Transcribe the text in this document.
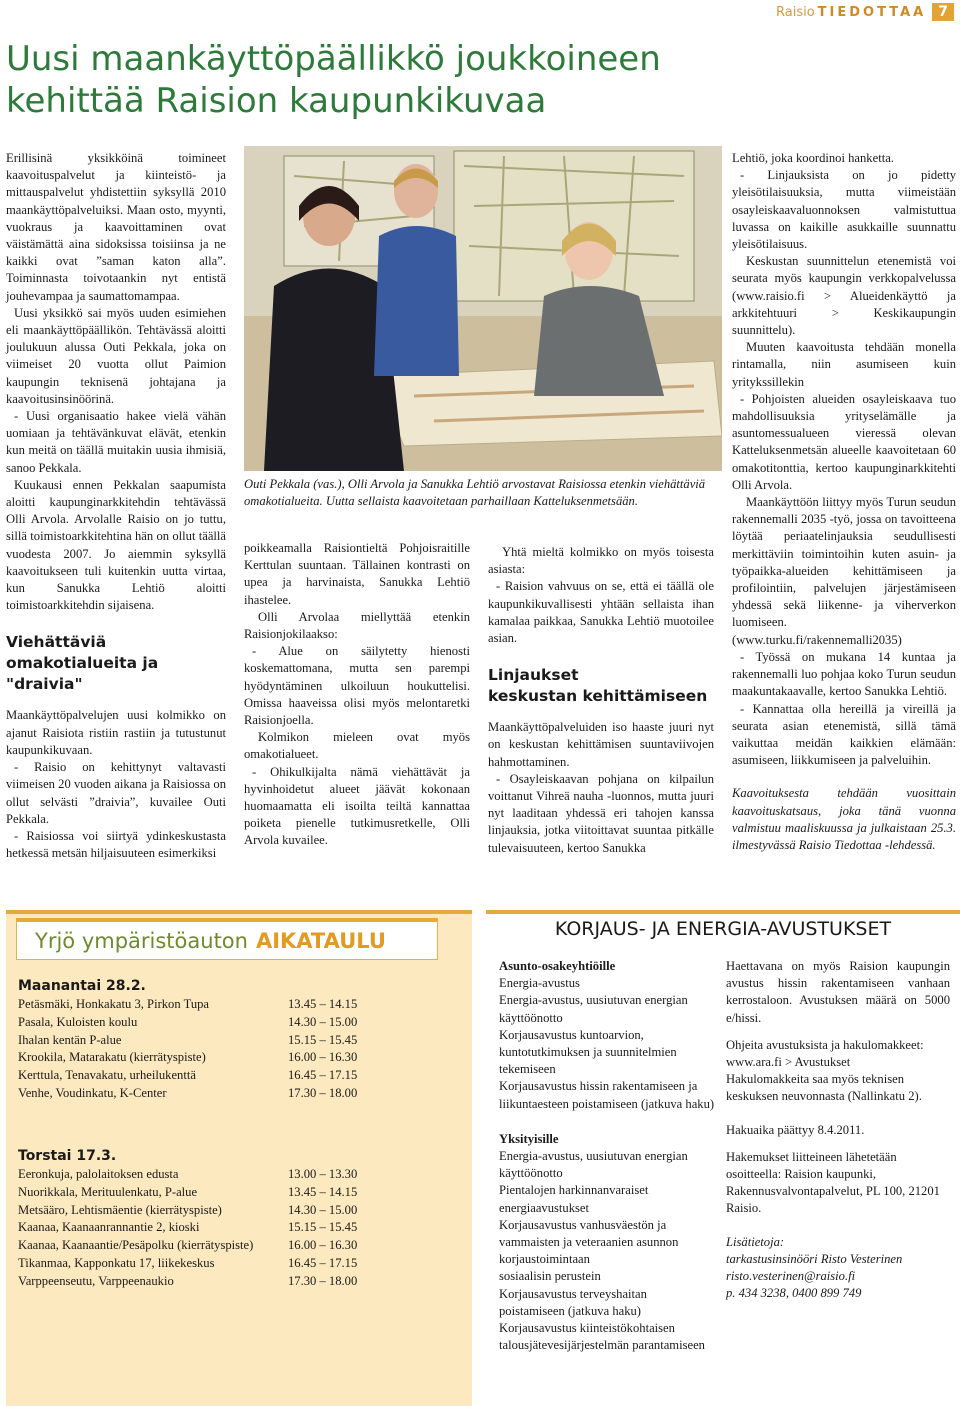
Raisio TIEDOTTAA 7
Uusi maankäyttöpäällikkö joukkoineen
kehittää Raision kaupunkikuvaa

Erillisinä yksikköinä toimineet kaavoituspalvelut ja kiinteistö- ja mittauspalvelut yhdistettiin syksyllä 2010 maankäyttöpalveluiksi. Maan osto, myynti, vuokraus ja kaavoittaminen ovat väistämättä aina sidoksissa toisiinsa ja ne kaikki ovat ”saman katon alla”. Toiminnasta toivotaankin nyt entistä jouhevampaa ja saumattomampaa.

Uusi yksikkö sai myös uuden esimiehen eli maankäyttöpäällikön. Tehtävässä aloitti joulukuun alussa Outi Pekkala, joka on viimeiset 20 vuotta ollut Paimion kaupungin teknisenä johtajana ja kaavoitusinsinöörinä.

- Uusi organisaatio hakee vielä vähän uomiaan ja tehtävänkuvat elävät, etenkin kun meitä on täällä muitakin uusia ihmisiä, sanoo Pekkala.

Kuukausi ennen Pekkalan saapumista aloitti kaupunginarkkitehdin tehtävässä Olli Arvola. Arvolalle Raisio on jo tuttu, sillä toimistoarkkitehtina hän on ollut täällä vuodesta 2007. Jo aiemmin syksyllä kaavoitukseen tuli kuitenkin uutta virtaa, kun Sanukka Lehtiö aloitti toimistoarkkitehdin sijaisena.

Viehättäviä
omakotialueita ja "draivia"

Maankäyttöpalvelujen uusi kolmikko on ajanut Raisiota ristiin rastiin ja tutustunut kaupunkikuvaan.

- Raisio on kehittynyt valtavasti viimeisen 20 vuoden aikana ja Raisiossa on ollut selvästi ”draivia”, kuvailee Outi Pekkala.

- Raisiossa voi siirtyä ydinkeskustasta hetkessä metsän hiljaisuuteen esimerkiksi

Outi Pekkala (vas.), Olli Arvola ja Sanukka Lehtiö arvostavat Raisiossa etenkin viehättäviä omakotialueita. Uutta sellaista kaavoitetaan parhaillaan Katteluksenmetsään.

poikkeamalla Raisiontieltä Pohjoisraitille Kerttulan suuntaan. Tällainen kontrasti on upea ja harvinaista, Sanukka Lehtiö ihastelee.

Olli Arvolaa miellyttää etenkin Raisionjokilaakso:

- Alue on säilytetty hienosti koskemattomana, mutta sen parempi hyödyntäminen ulkoiluun houkuttelisi. Omissa haaveissa olisi myös melontaretki Raisionjoella.

Kolmikon mieleen ovat myös omakotialueet.

- Ohikulkijalta nämä viehättävät ja hyvinhoidetut alueet jäävät kokonaan huomaamatta eli isoilta teiltä kannattaa poiketa pienelle tutkimusretkelle, Olli Arvola kuvailee.

Yhtä mieltä kolmikko on myös toisesta asiasta:

- Raision vahvuus on se, että ei täällä ole kaupunkikuvallisesti yhtään sellaista ihan kamalaa paikkaa, Sanukka Lehtiö muotoilee asian.

Linjaukset
keskustan kehittämiseen

Maankäyttöpalveluiden iso haaste juuri nyt on keskustan kehittämisen suuntaviivojen hahmottaminen.

- Osayleiskaavan pohjana on kilpailun voittanut Vihreä nauha -luonnos, mutta juuri nyt laaditaan yhdessä eri tahojen kanssa linjauksia, jotka viitoittavat suuntaa pitkälle tulevaisuuteen, kertoo Sanukka

Lehtiö, joka koordinoi hanketta.

- Linjauksista on jo pidetty yleisötilaisuuksia, mutta viimeistään osayleiskaavaluonnoksen valmistuttua luvassa on kaikille asukkaille suunnattu yleisötilaisuus.

Keskustan suunnittelun etenemistä voi seurata myös kaupungin verkkopalvelussa (www.raisio.fi > Alueidenkäyttö ja arkkitehtuuri > Keskikaupungin suunnittelu).

Muuten kaavoitusta tehdään monella rintamalla, niin asumiseen kuin yritykssillekin

- Pohjoisten alueiden osayleiskaava tuo mahdollisuuksia yrityselämälle ja asuntomessualueen vieressä olevan Katteluksenmetsän alueelle kaavoitetaan 60 omakotitonttia, kertoo kaupunginarkkitehti Olli Arvola.

Maankäyttöön liittyy myös Turun seudun rakennemalli 2035 -työ, jossa on tavoitteena löytää periaatelinjauksia seudullisesti merkittäviin toimintoihin kuten asuin- ja työpaikka-alueiden kehittämiseen ja profilointiin, palvelujen järjestämiseen yhdessä sekä liikenne- ja viherverkon luomiseen. (www.turku.fi/rakennemalli2035)

- Työssä on mukana 14 kuntaa ja rakennemalli luo pohjaa koko Turun seudun maakuntakaavalle, kertoo Sanukka Lehtiö.

- Kannattaa olla hereillä ja vireillä ja seurata asian etenemistä, sillä tämä vaikuttaa meidän kaikkien elämään: asumiseen, liikkumiseen ja palveluihin.

Kaavoituksesta tehdään vuosittain kaavoituskatsaus, joka tänä vuonna valmistuu maaliskuussa ja julkaistaan 25.3. ilmestyvässä Raisio Tiedottaa -lehdessä.

Yrjö ympäristöauton AIKATAULU
Maanantai 28.2.
Petäsmäki, Honkakatu 3, Pirkon Tupa	13.45 – 14.15
Pasala, Kuloisten koulu	14.30 – 15.00
Ihalan kentän P-alue	15.15 – 15.45
Krookila, Matarakatu (kierrätyspiste)	16.00 – 16.30
Kerttula, Tenavakatu, urheilukenttä	16.45 – 17.15
Venhe, Voudinkatu, K-Center	17.30 – 18.00
Torstai 17.3.
Eeronkuja, palolaitoksen edusta	13.00 – 13.30
Nuorikkala, Merituulenkatu, P-alue	13.45 – 14.15
Metsääro, Lehtismäentie (kierrätyspiste)	14.30 – 15.00
Kaanaa, Kaanaanrannantie 2, kioski	15.15 – 15.45
Kaanaa, Kaanaantie/Pesäpolku (kierrätyspiste)	16.00 – 16.30
Tikanmaa, Kapponkatu 17, liikekeskus	16.45 – 17.15
Varppeenseutu, Varppeenaukio	17.30 – 18.00
KORJAUS- JA ENERGIA-AVUSTUKSET

Asunto-osakeyhtiöille

Energia-avustus

Energia-avustus, uusiutuvan energian käyttöönotto

Korjausavustus kuntoarvion, kuntotutkimuksen ja suunnitelmien tekemiseen

Korjausavustus hissin rakentamiseen ja liikuntaesteen poistamiseen (jatkuva haku)

Yksityisille

Energia-avustus, uusiutuvan energian käyttöönotto

Pientalojen harkinnanvaraiset energiaavustukset

Korjausavustus vanhusväestön ja vammaisten ja veteraanien asunnon korjaustoimintaan

sosiaalisin perustein

Korjausavustus terveyshaitan poistamiseen (jatkuva haku)

Korjausavustus kiinteistökohtaisen talousjätevesijärjestelmän parantamiseen

Haettavana on myös Raision kaupungin avustus hissin rakentamiseen vanhaan kerrostaloon. Avustuksen määrä on 5000 e/hissi.

Ohjeita avustuksista ja hakulomakkeet: www.ara.fi > Avustukset

Hakulomakkeita saa myös teknisen keskuksen neuvonnasta (Nallinkatu 2).

Hakuaika päättyy 8.4.2011.

Hakemukset liitteineen lähetetään osoitteella: Raision kaupunki, Rakennusvalvontapalvelut, PL 100, 21201 Raisio.

Lisätietoja:

tarkastusinsinööri Risto Vesterinen

risto.vesterinen@raisio.fi

p. 434 3238, 0400 899 749
